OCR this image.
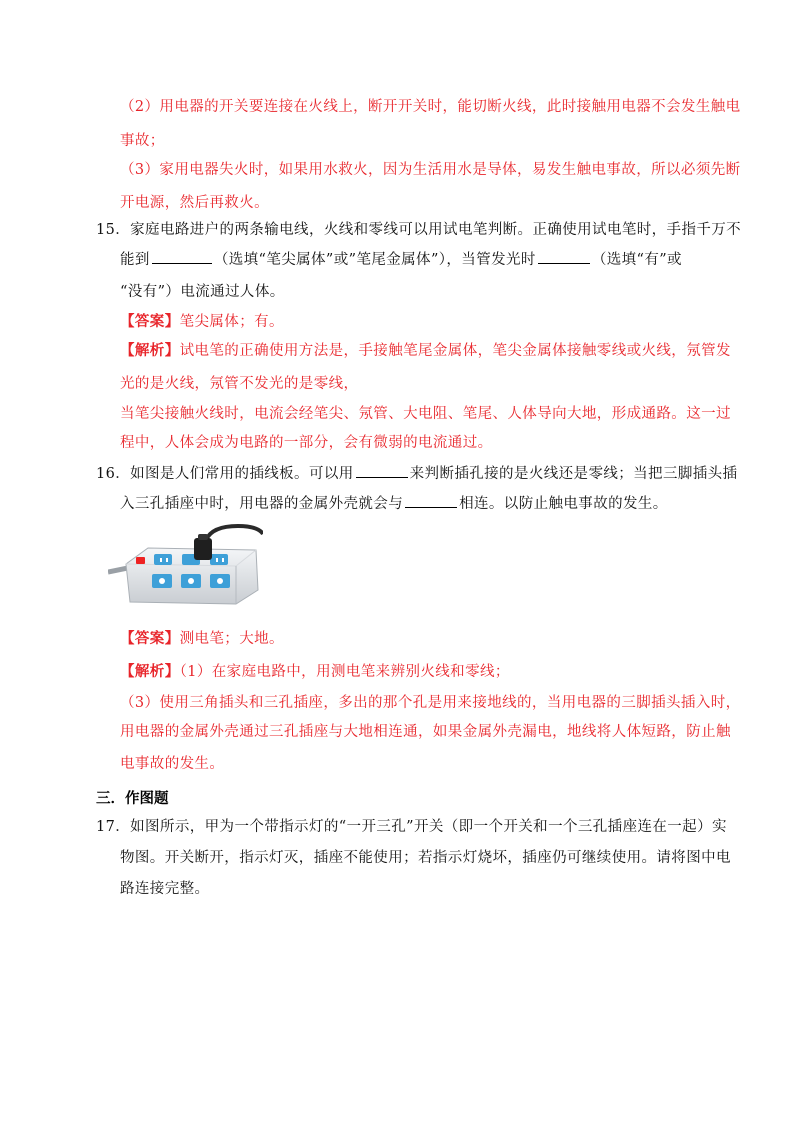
（2）用电器的开关要连接在火线上，断开开关时，能切断火线，此时接触用电器不会发生触电
事故；
（3）家用电器失火时，如果用水救火，因为生活用水是导体，易发生触电事故，所以必须先断
开电源，然后再救火。
15．家庭电路进户的两条输电线，火线和零线可以用试电笔判断。正确使用试电笔时，手指千万不
能到	（选填“笔尖属体”或”笔尾金属体”），当管发光时	（选填“有”或
“没有”）电流通过人体。
【答案】笔尖属体；有。
【解析】试电笔的正确使用方法是，手接触笔尾金属体，笔尖金属体接触零线或火线，氖管发
光的是火线，氖管不发光的是零线，
当笔尖接触火线时，电流会经笔尖、氖管、大电阻、笔尾、人体导向大地，形成通路。这一过
程中，人体会成为电路的一部分，会有微弱的电流通过。
16．如图是人们常用的插线板。可以用	来判断插孔接的是火线还是零线；当把三脚插头插
入三孔插座中时，用电器的金属外壳就会与	相连。以防止触电事故的发生。
【答案】测电笔；大地。
【解析】（1）在家庭电路中，用测电笔来辨别火线和零线；
（3）使用三角插头和三孔插座，多出的那个孔是用来接地线的，当用电器的三脚插头插入时，
用电器的金属外壳通过三孔插座与大地相连通，如果金属外壳漏电，地线将人体短路，防止触
电事故的发生。
三．作图题
17．如图所示，甲为一个带指示灯的“一开三孔”开关（即一个开关和一个三孔插座连在一起）实
物图。开关断开，指示灯灭，插座不能使用；若指示灯烧坏，插座仍可继续使用。请将图中电
路连接完整。
